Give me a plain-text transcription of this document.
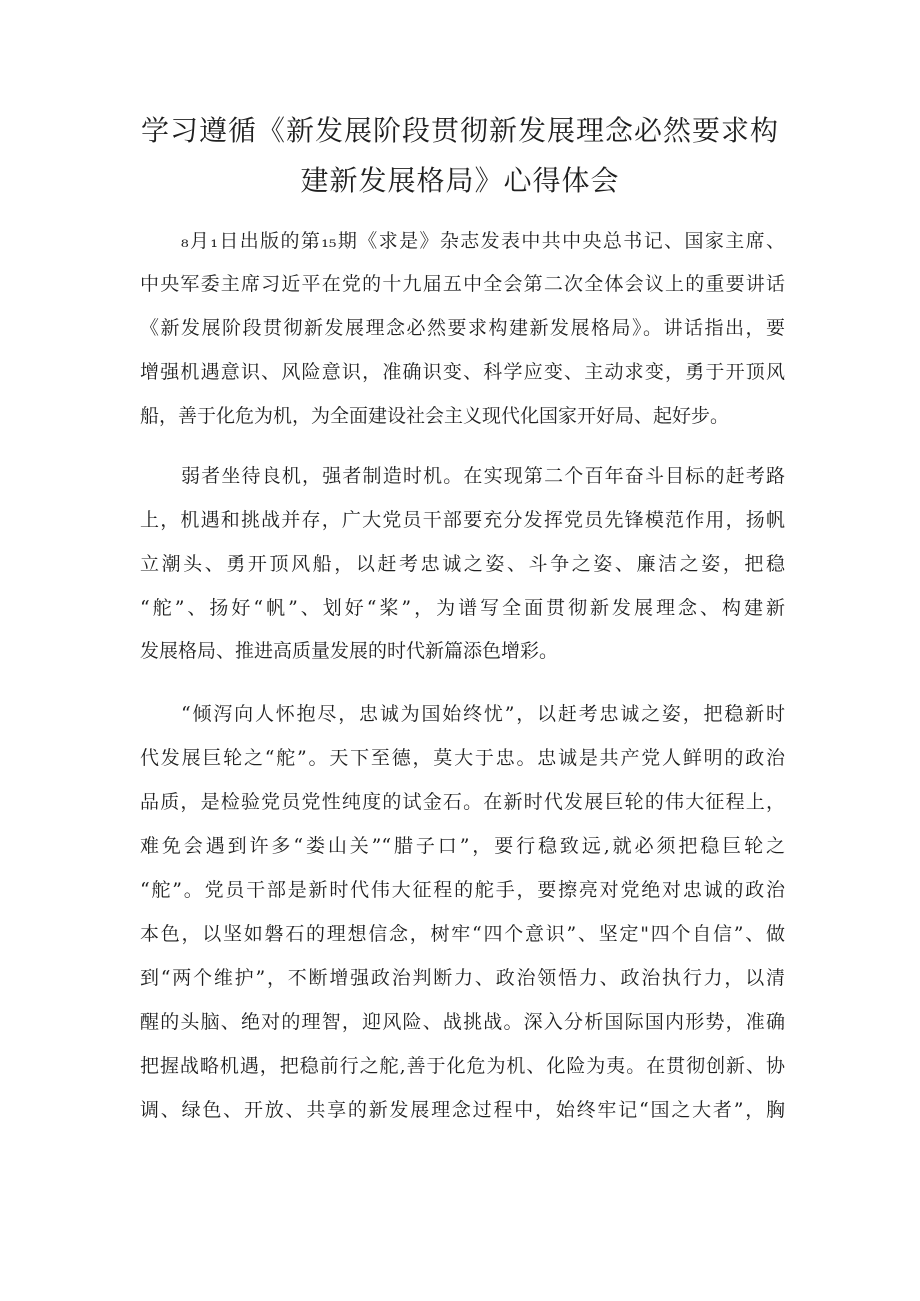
学习遵循《新发展阶段贯彻新发展理念必然要求构
建新发展格局》心得体会
₈月₁日出版的第₁₅期《求是》杂志发表中共中央总书记、国家主席、
中央军委主席习近平在党的十九届五中全会第二次全体会议上的重要讲话
《新发展阶段贯彻新发展理念必然要求构建新发展格局》。讲话指出，要
增强机遇意识、风险意识，准确识变、科学应变、主动求变，勇于开顶风
船，善于化危为机，为全面建设社会主义现代化国家开好局、起好步。
弱者坐待良机，强者制造时机。在实现第二个百年奋斗目标的赶考路
上，机遇和挑战并存，广大党员干部要充分发挥党员先锋模范作用，扬帆
立潮头、勇开顶风船，以赶考忠诚之姿、斗争之姿、廉洁之姿，把稳
“舵”、扬好“帆”、划好“桨”，为谱写全面贯彻新发展理念、构建新
发展格局、推进高质量发展的时代新篇添色增彩。
“倾泻向人怀抱尽，忠诚为国始终忧”，以赶考忠诚之姿，把稳新时
代发展巨轮之“舵”。天下至德，莫大于忠。忠诚是共产党人鲜明的政治
品质，是检验党员党性纯度的试金石。在新时代发展巨轮的伟大征程上，
难免会遇到许多“娄山关”“腊子口”，要行稳致远,就必须把稳巨轮之
“舵”。党员干部是新时代伟大征程的舵手，要擦亮对党绝对忠诚的政治
本色，以坚如磐石的理想信念，树牢“四个意识”、坚定"四个自信”、做
到“两个维护”，不断增强政治判断力、政治领悟力、政治执行力，以清
醒的头脑、绝对的理智，迎风险、战挑战。深入分析国际国内形势，准确
把握战略机遇，把稳前行之舵,善于化危为机、化险为夷。在贯彻创新、协
调、绿色、开放、共享的新发展理念过程中，始终牢记“国之大者”，胸
